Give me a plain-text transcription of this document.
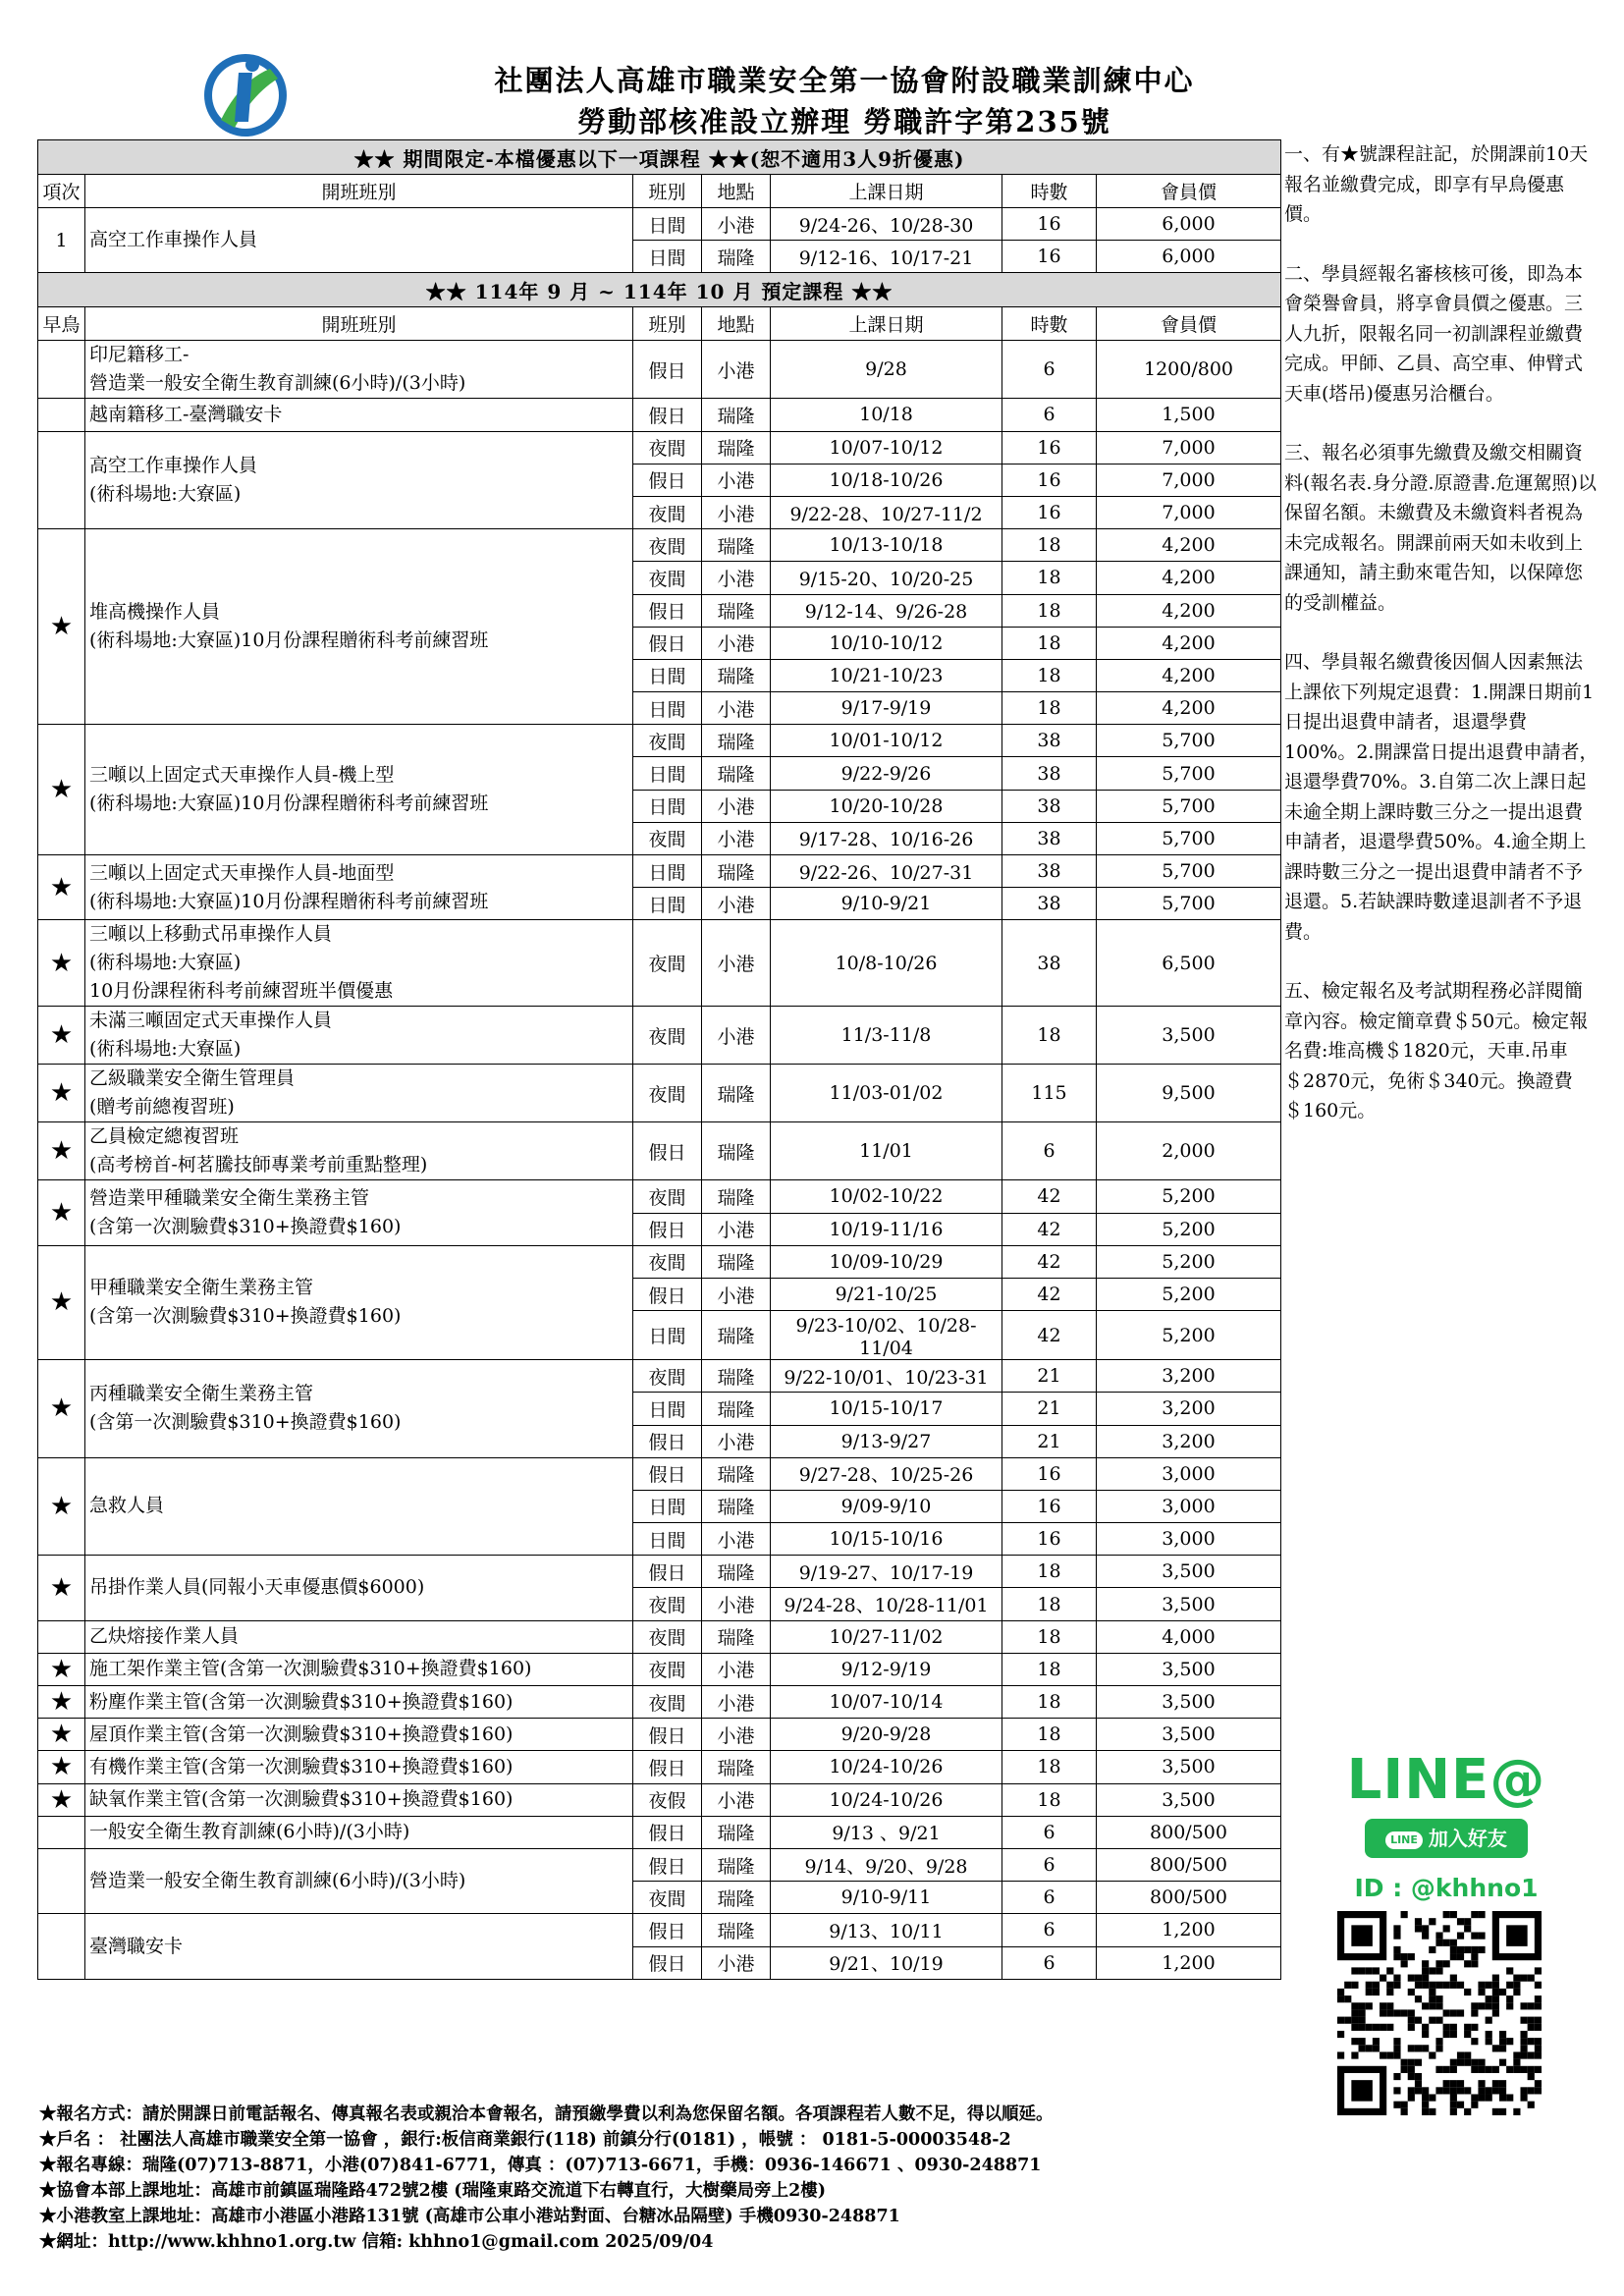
社團法人高雄市職業安全第一協會附設職業訓練中心
勞動部核准設立辦理 勞職許字第235號
★★ 期間限定-本檔優惠以下一項課程 ★★(恕不適用3人9折優惠)						
項次	開班班別	班別	地點	上課日期	時數	會員價
1	高空工作車操作人員	日間	小港	9/24-26、10/28-30	16	6,000
		日間	瑞隆	9/12-16、10/17-21	16	6,000
★★ 114年 9 月 ~ 114年 10 月 預定課程 ★★						
早鳥	開班班別	班別	地點	上課日期	時數	會員價

	印尼籍移工-
營造業一般安全衛生教育訓練(6小時)/(3小時)	假日	小港	9/28	6	1200/800

	越南籍移工-臺灣職安卡	假日	瑞隆	10/18	6	1,500

	高空工作車操作人員
(術科場地:大寮區)	夜間	瑞隆	10/07-10/12	16	7,000
		假日	小港	10/18-10/26	16	7,000
		夜間	小港	9/22-28、10/27-11/2	16	7,000
★	堆高機操作人員
(術科場地:大寮區)10月份課程贈術科考前練習班	夜間	瑞隆	10/13-10/18	18	4,200
		夜間	小港	9/15-20、10/20-25	18	4,200
		假日	瑞隆	9/12-14、9/26-28	18	4,200
		假日	小港	10/10-10/12	18	4,200
		日間	瑞隆	10/21-10/23	18	4,200
		日間	小港	9/17-9/19	18	4,200
★	三噸以上固定式天車操作人員-機上型
(術科場地:大寮區)10月份課程贈術科考前練習班	夜間	瑞隆	10/01-10/12	38	5,700
		日間	瑞隆	9/22-9/26	38	5,700
		日間	小港	10/20-10/28	38	5,700
		夜間	小港	9/17-28、10/16-26	38	5,700
★	三噸以上固定式天車操作人員-地面型
(術科場地:大寮區)10月份課程贈術科考前練習班	日間	瑞隆	9/22-26、10/27-31	38	5,700
		日間	小港	9/10-9/21	38	5,700
★	三噸以上移動式吊車操作人員
(術科場地:大寮區)
10月份課程術科考前練習班半價優惠	夜間	小港	10/8-10/26	38	6,500
★	未滿三噸固定式天車操作人員
(術科場地:大寮區)	夜間	小港	11/3-11/8	18	3,500
★	乙級職業安全衛生管理員
(贈考前總複習班)	夜間	瑞隆	11/03-01/02	115	9,500
★	乙員檢定總複習班
(高考榜首-柯茗騰技師專業考前重點整理)	假日	瑞隆	11/01	6	2,000
★	營造業甲種職業安全衛生業務主管
(含第一次測驗費$310+換證費$160)	夜間	瑞隆	10/02-10/22	42	5,200
		假日	小港	10/19-11/16	42	5,200
★	甲種職業安全衛生業務主管
(含第一次測驗費$310+換證費$160)	夜間	瑞隆	10/09-10/29	42	5,200
		假日	小港	9/21-10/25	42	5,200
		日間	瑞隆	9/23-10/02、10/28-11/04	42	5,200
★	丙種職業安全衛生業務主管
(含第一次測驗費$310+換證費$160)	夜間	瑞隆	9/22-10/01、10/23-31	21	3,200
		日間	瑞隆	10/15-10/17	21	3,200
		假日	小港	9/13-9/27	21	3,200
★	急救人員	假日	瑞隆	9/27-28、10/25-26	16	3,000
		日間	瑞隆	9/09-9/10	16	3,000
		日間	小港	10/15-10/16	16	3,000
★	吊掛作業人員(同報小天車優惠價$6000)	假日	瑞隆	9/19-27、10/17-19	18	3,500
		夜間	小港	9/24-28、10/28-11/01	18	3,500

	乙炔熔接作業人員	夜間	瑞隆	10/27-11/02	18	4,000
★	施工架作業主管(含第一次測驗費$310+換證費$160)	夜間	小港	9/12-9/19	18	3,500
★	粉塵作業主管(含第一次測驗費$310+換證費$160)	夜間	小港	10/07-10/14	18	3,500
★	屋頂作業主管(含第一次測驗費$310+換證費$160)	假日	小港	9/20-9/28	18	3,500
★	有機作業主管(含第一次測驗費$310+換證費$160)	假日	瑞隆	10/24-10/26	18	3,500
★	缺氧作業主管(含第一次測驗費$310+換證費$160)	夜假	小港	10/24-10/26	18	3,500

	一般安全衛生教育訓練(6小時)/(3小時)	假日	瑞隆	9/13 、9/21	6	800/500

	營造業一般安全衛生教育訓練(6小時)/(3小時)	假日	瑞隆	9/14、9/20、9/28	6	800/500
		夜間	瑞隆	9/10-9/11	6	800/500

	臺灣職安卡	假日	瑞隆	9/13、10/11	6	1,200
		假日	小港	9/21、10/19	6	1,200

一、有★號課程註記，於開課前10天報名並繳費完成，即享有早鳥優惠價。

二、學員經報名審核核可後，即為本會榮譽會員，將享會員價之優惠。三人九折，限報名同一初訓課程並繳費完成。甲師、乙員、高空車、伸臂式天車(塔吊)優惠另洽櫃台。

三、報名必須事先繳費及繳交相關資料(報名表.身分證.原證書.危運駕照)以保留名額。未繳費及未繳資料者視為未完成報名。開課前兩天如未收到上課通知，請主動來電告知，以保障您的受訓權益。

四、學員報名繳費後因個人因素無法上課依下列規定退費：1.開課日期前1日提出退費申請者，退還學費100%。2.開課當日提出退費申請者，退還學費70%。3.自第二次上課日起未逾全期上課時數三分之一提出退費申請者，退還學費50%。4.逾全期上課時數三分之一提出退費申請者不予退還。5.若缺課時數達退訓者不予退費。

五、檢定報名及考試期程務必詳閱簡章內容。檢定簡章費＄50元。檢定報名費:堆高機＄1820元，天車.吊車＄2870元，免術＄340元。換證費＄160元。

LINE@
LINE 加入好友
ID : @khhno1
★報名方式：請於開課日前電話報名、傳真報名表或親洽本會報名，請預繳學費以利為您保留名額。各項課程若人數不足，得以順延。
★戶名 ： 社團法人高雄市職業安全第一協會 ，銀行:板信商業銀行(118) 前鎮分行(0181) ，帳號 ： 0181-5-00003548-2
★報名專線：瑞隆(07)713-8871，小港(07)841-6771，傳真 ：(07)713-6671，手機：0936-146671 、0930-248871
★協會本部上課地址：高雄市前鎮區瑞隆路472號2樓 (瑞隆東路交流道下右轉直行，大樹藥局旁上2樓)
★小港教室上課地址：高雄市小港區小港路131號 (高雄市公車小港站對面、台糖冰品隔壁) 手機0930-248871
★網址：http://www.khhno1.org.tw 信箱: khhno1@gmail.com 2025/09/04
